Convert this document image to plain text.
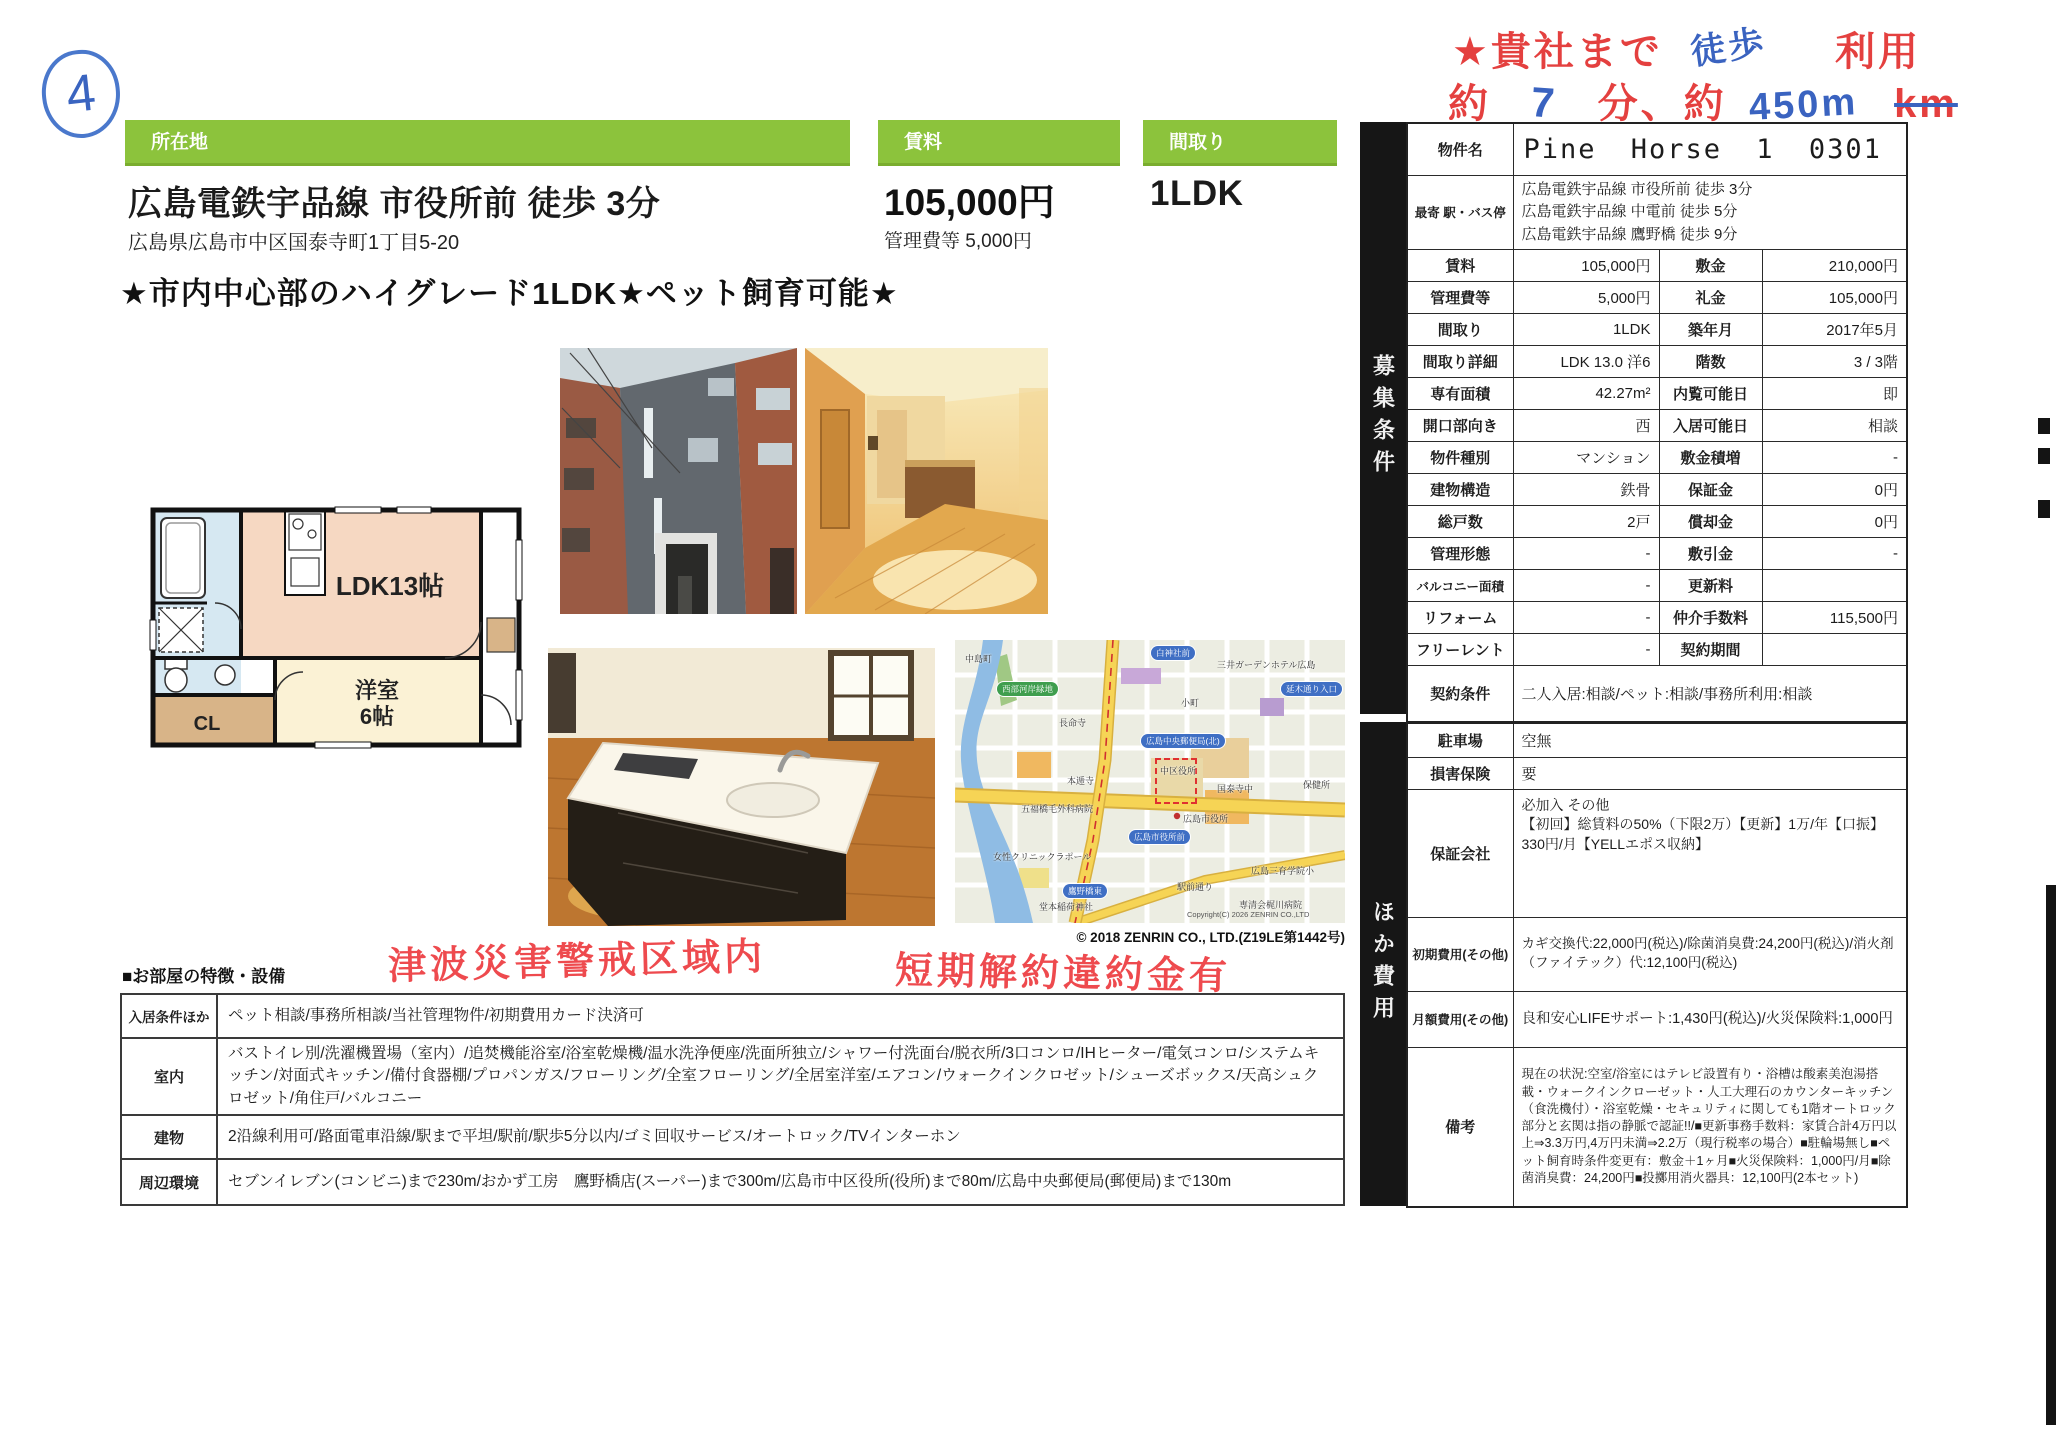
4
★貴社まで 徒歩 利用
約 7 分、約 450m km
所在地	賃料	間取り
広島電鉄宇品線 市役所前 徒歩 3分
広島県広島市中区国泰寺町1丁目5-20
105,000円
管理費等 5,000円
1LDK
★市内中心部のハイグレード1LDK★ペット飼育可能★
LDK13帖
洋室
6帖
CL
中島町
西部河岸緑地
白神社前
三井ガーデンホテル広島
小町
長命寺
広島中央郵便局(北)
本逓寺
中区役所
国泰寺中	保健所
広島市役所
五福橋毛外科病院
広島市役所前
女性クリニックラポール
広島三育学院小
鷹野橋東	駅前通り
堂本稲荷神社	専清会梶川病院
延木通り入口
Copyright(C) 2026 ZENRIN CO.,LTD
© 2018 ZENRIN CO., LTD.(Z19LE第1442号)
津波災害警戒区域内	短期解約違約金有
■お部屋の特徴・設備
入居条件ほか	ペット相談/事務所相談/当社管理物件/初期費用カード決済可
室内	バストイレ別/洗濯機置場（室内）/追焚機能浴室/浴室乾燥機/温水洗浄便座/洗面所独立/シャワー付洗面台/脱衣所/3口コンロ/IHヒーター/電気コンロ/システムキッチン/対面式キッチン/備付食器棚/プロパンガス/フローリング/全室フローリング/全居室洋室/エアコン/ウォークインクロゼット/シューズボックス/天高シュクロゼット/角住戸/バルコニー
建物	2沿線利用可/路面電車沿線/駅まで平坦/駅前/駅歩5分以内/ゴミ回収サービス/オートロック/TVインターホン
周辺環境	セブンイレブン(コンビニ)まで230m/おかず工房　鷹野橋店(スーパー)まで300m/広島市中区役所(役所)まで80m/広島中央郵便局(郵便局)まで130m
募集条件
ほか費用
物件名	Pine Horse 1 0301		
最寄 駅・バス停	広島電鉄宇品線 市役所前 徒歩 3分
広島電鉄宇品線 中電前 徒歩 5分
広島電鉄宇品線 鷹野橋 徒歩 9分		

賃料	105,000円	敷金	210,000円
管理費等	5,000円	礼金	105,000円
間取り	1LDK	築年月	2017年5月
間取り詳細	LDK 13.0 洋6	階数	3 / 3階
専有面積	42.27m²	内覧可能日	即
開口部向き	西	入居可能日	相談
物件種別	マンション	敷金積増	-
建物構造	鉄骨	保証金	0円
総戸数	2戸	償却金	0円
管理形態	-	敷引金	-
バルコニー面積	-	更新料	
リフォーム	-	仲介手数料	115,500円
フリーレント	-	契約期間	
契約条件	二人入居:相談/ペット:相談/事務所利用:相談		
駐車場	空無
損害保険	要
保証会社	必加入 その他
【初回】総賃料の50%（下限2万）【更新】1万/年【口振】330円/月【YELLエポス収納】

初期費用(その他)	カギ交換代:22,000円(税込)/除菌消臭費:24,200円(税込)/消火剤（ファイテック）代:12,100円(税込)
月額費用(その他)	良和安心LIFEサポート:1,430円(税込)/火災保険料:1,000円
備考	現在の状況:空室/浴室にはテレビ設置有り・浴槽は酸素美泡湯搭載・ウォークインクローゼット・人工大理石のカウンターキッチン（食洗機付）・浴室乾燥・セキュリティに関しても1階オートロック部分と玄関は指の静脈で認証!!/■更新事務手数料：家賃合計4万円以上⇒3.3万円,4万円未満⇒2.2万（現行税率の場合）■駐輪場無し■ペット飼育時条件変更有：敷金＋1ヶ月■火災保険料：1,000円/月■除菌消臭費：24,200円■投擲用消火器具：12,100円(2本セット)
